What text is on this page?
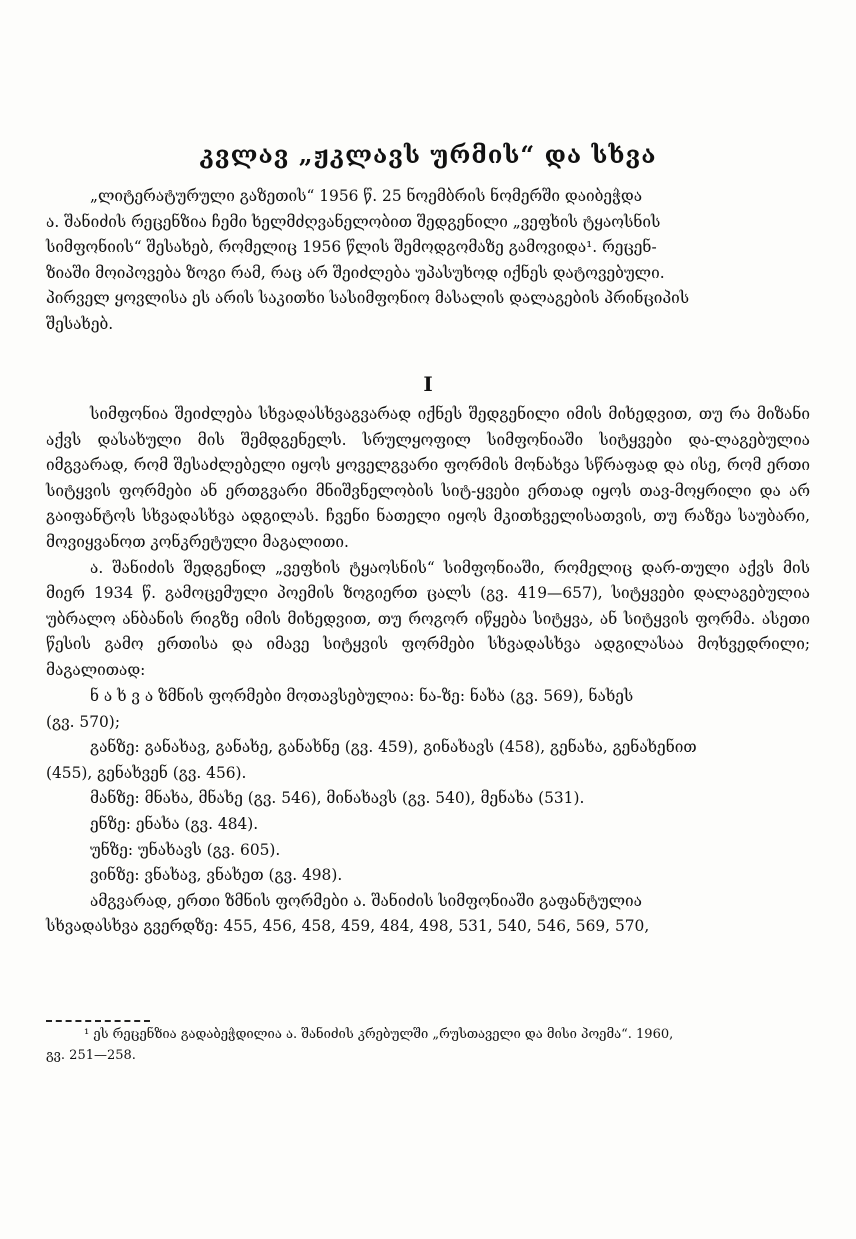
კვლავ „ჟკლავს ურმის“ და სხვა

„ლიტერატურული გაზეთის“ 1956 წ. 25 ნოემბრის ნომერში დაიბეჭდა

ა. შანიძის რეცენზია ჩემი ხელმძღვანელობით შედგენილი „ვეფხის ტყაოსნის

სიმფონიის“ შესახებ, რომელიც 1956 წლის შემოდგომაზე გამოვიდა¹. რეცენ-

ზიაში მოიპოვება ზოგი რამ, რაც არ შეიძლება უპასუხოდ იქნეს დატოვებული.

პირველ ყოვლისა ეს არის საკითხი სასიმფონიო მასალის დალაგების პრინციპის

შესახებ.

I

სიმფონია შეიძლება სხვადასხვაგვარად იქნეს შედგენილი იმის მიხედვით, თუ რა მიზანი აქვს დასახული მის შემდგენელს. სრულყოფილ სიმფონიაში სიტყვები და-ლაგებულია იმგვარად, რომ შესაძლებელი იყოს ყოველგვარი ფორმის მონახვა სწრაფად და ისე, რომ ერთი სიტყვის ფორმები ან ერთგვარი მნიშვნელობის სიტ-ყვები ერთად იყოს თავ-მოყრილი და არ გაიფანტოს სხვადასხვა ადგილას. ჩვენი ნათელი იყოს მკითხველისათვის, თუ რაზეა საუბარი, მოვიყვანოთ კონკრეტული მაგალითი.

ა. შანიძის შედგენილ „ვეფხის ტყაოსნის“ სიმფონიაში, რომელიც დარ-თული აქვს მის მიერ 1934 წ. გამოცემული პოემის ზოგიერთ ცალს (გვ. 419—657), სიტყვები დალაგებულია უბრალო ანბანის რიგზე იმის მიხედვით, თუ როგორ იწყება სიტყვა, ან სიტყვის ფორმა. ასეთი წესის გამო ერთისა და იმავე სიტყვის ფორმები სხვადასხვა ადგილასაა მოხვედრილი; მაგალითად:

ნ ა ხ ვ ა ზმნის ფორმები მოთავსებულია: ნა-ზე: ნახა (გვ. 569), ნახეს

(გვ. 570);

განზე: განახავ, განახე, განახნე (გვ. 459), გინახავს (458), გენახა, გენახენით

(455), გენახვენ (გვ. 456).

მანზე: მნახა, მნახე (გვ. 546), მინახავს (გვ. 540), მენახა (531).

ენზე: ენახა (გვ. 484).

უნზე: უნახავს (გვ. 605).

ვინზე: ვნახავ, ვნახეთ (გვ. 498).

ამგვარად, ერთი ზმნის ფორმები ა. შანიძის სიმფონიაში გაფანტულია

სხვადასხვა გვერდზე: 455, 456, 458, 459, 484, 498, 531, 540, 546, 569, 570,

¹ ეს რეცენზია გადაბეჭდილია ა. შანიძის კრებულში „რუსთაველი და მისი პოემა“. 1960,

გვ. 251—258.
